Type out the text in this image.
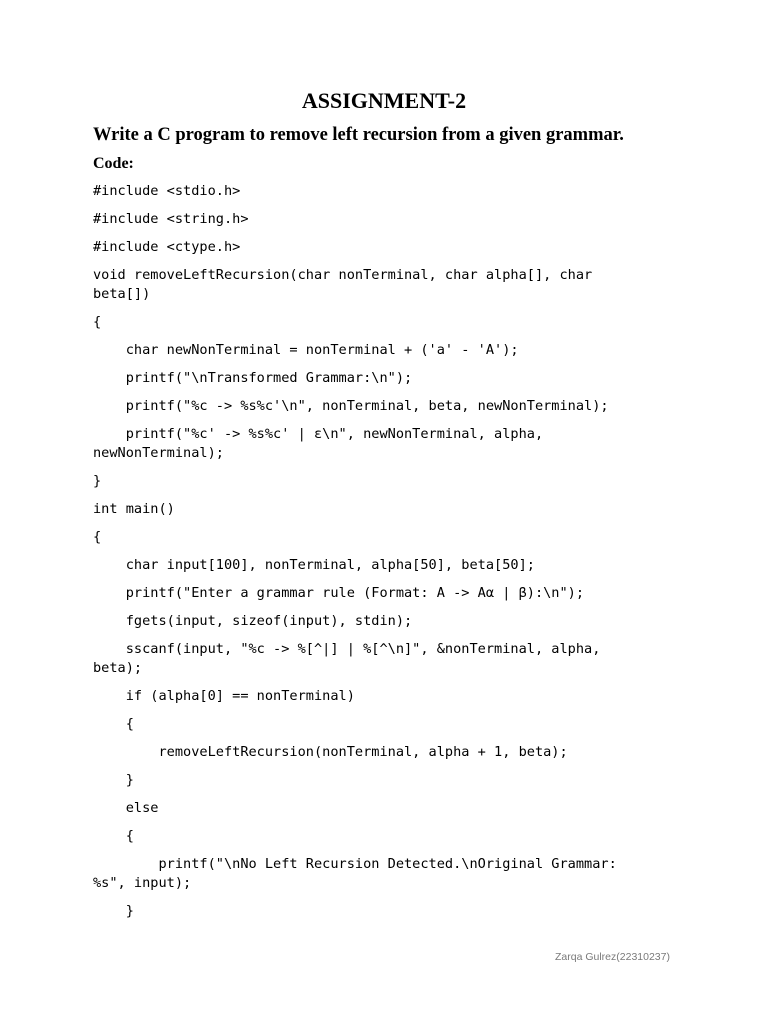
ASSIGNMENT-2
Write a C program to remove left recursion from a given grammar.
Code:
#include <stdio.h>
#include <string.h>
#include <ctype.h>
void removeLeftRecursion(char nonTerminal, char alpha[], char
beta[])
{
char newNonTerminal = nonTerminal + ('a' - 'A');
printf("\nTransformed Grammar:\n");
printf("%c -> %s%c'\n", nonTerminal, beta, newNonTerminal);
printf("%c' -> %s%c' | ε\n", newNonTerminal, alpha,
newNonTerminal);
}
int main()
{
char input[100], nonTerminal, alpha[50], beta[50];
printf("Enter a grammar rule (Format: A -> Aα | β):\n");
fgets(input, sizeof(input), stdin);
sscanf(input, "%c -> %[^|] | %[^\n]", &nonTerminal, alpha,
beta);
if (alpha[0] == nonTerminal)
{
removeLeftRecursion(nonTerminal, alpha + 1, beta);
}
else
{
printf("\nNo Left Recursion Detected.\nOriginal Grammar:
%s", input);
}
Zarqa Gulrez(22310237)
